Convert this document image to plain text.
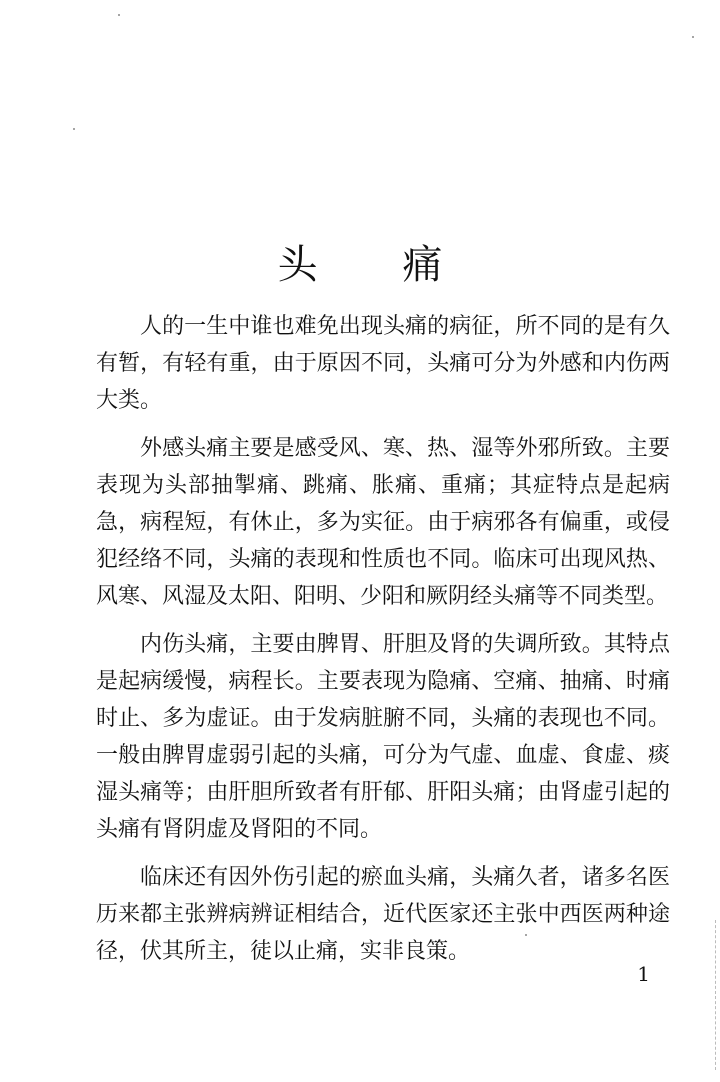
头 痛

人的一生中谁也难免出现头痛的病征，所不同的是有久有暂，有轻有重，由于原因不同，头痛可分为外感和内伤两大类。

外感头痛主要是感受风、寒、热、湿等外邪所致。主要表现为头部抽掣痛、跳痛、胀痛、重痛；其症特点是起病急，病程短，有休止，多为实征。由于病邪各有偏重，或侵犯经络不同，头痛的表现和性质也不同。临床可出现风热、风寒、风湿及太阳、阳明、少阳和厥阴经头痛等不同类型。

内伤头痛，主要由脾胃、肝胆及肾的失调所致。其特点是起病缓慢，病程长。主要表现为隐痛、空痛、抽痛、时痛时止、多为虚证。由于发病脏腑不同，头痛的表现也不同。一般由脾胃虚弱引起的头痛，可分为气虚、血虚、食虚、痰湿头痛等；由肝胆所致者有肝郁、肝阳头痛；由肾虚引起的头痛有肾阴虚及肾阳的不同。

临床还有因外伤引起的瘀血头痛，头痛久者，诸多名医历来都主张辨病辨证相结合，近代医家还主张中西医两种途径，伏其所主，徒以止痛，实非良策。

1
